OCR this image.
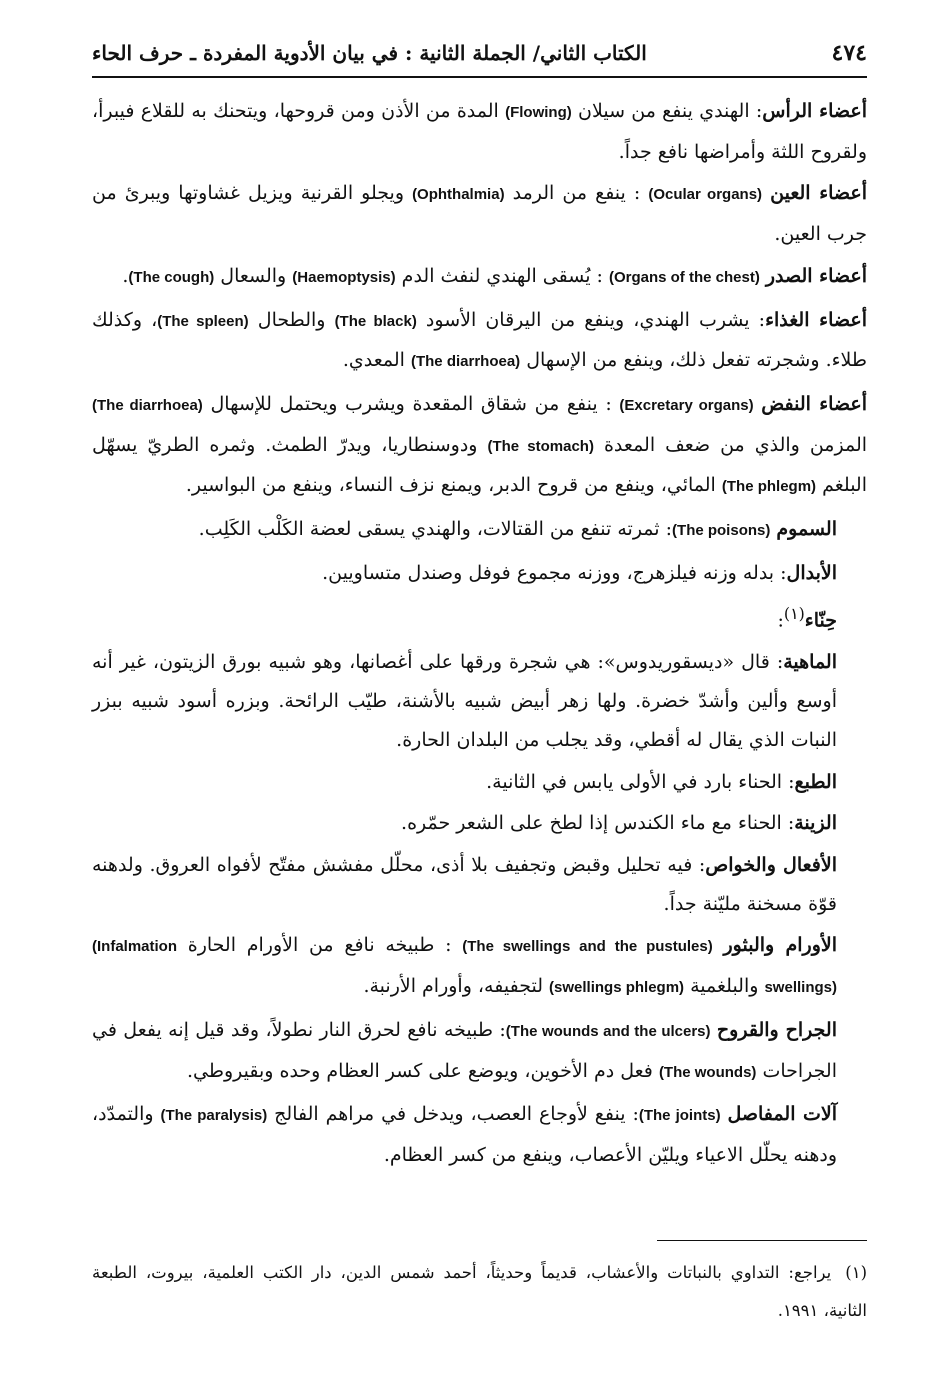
٤٧٤
الكتاب الثاني/ الجملة الثانية : في بيان الأدوية المفردة ـ حرف الحاء

أعضاء الرأس: الهندي ينفع من سيلان (Flowing) المدة من الأذن ومن قروحها، ويتحنك به للقلاع فيبرأ، ولقروح اللثة وأمراضها نافع جداً.

أعضاء العين (Ocular organs) : ينفع من الرمد (Ophthalmia) ويجلو القرنية ويزيل غشاوتها ويبرئ من جرب العين.

أعضاء الصدر (Organs of the chest) : يُسقى الهندي لنفث الدم (Haemoptysis) والسعال (The cough).

أعضاء الغذاء: يشرب الهندي، وينفع من اليرقان الأسود (The black) والطحال (The spleen)، وكذلك طلاء. وشجرته تفعل ذلك، وينفع من الإسهال (The diarrhoea) المعدي.

أعضاء النفض (Excretary organs) : ينفع من شقاق المقعدة ويشرب ويحتمل للإسهال (The diarrhoea) المزمن والذي من ضعف المعدة (The stomach) ودوسنطاريا، ويدرّ الطمث. وثمره الطريّ يسهّل البلغم (The phlegm) المائي، وينفع من قروح الدبر، ويمنع نزف النساء، وينفع من البواسير.

السموم (The poisons): ثمرته تنفع من القتالات، والهندي يسقى لعضة الكَلْب الكَلِب.

الأبدال: بدله وزنه فيلزهرج، ووزنه مجموع فوفل وصندل متساويين.

حِنّاء$^{(١)}$:

الماهية: قال «ديسقوريدوس»: هي شجرة ورقها على أغصانها، وهو شبيه بورق الزيتون، غير أنه أوسع وألين وأشدّ خضرة. ولها زهر أبيض شبيه بالأشنة، طيّب الرائحة. وبزره أسود شبيه ببزر النبات الذي يقال له أقطي، وقد يجلب من البلدان الحارة.

الطبع: الحناء بارد في الأولى يابس في الثانية.

الزينة: الحناء مع ماء الكندس إذا لطخ على الشعر حمّره.

الأفعال والخواص: فيه تحليل وقبض وتجفيف بلا أذى، محلّل مفشش مفتّح لأفواه العروق. ولدهنه قوّة مسخنة مليّنة جداً.

الأورام والبثور (The swellings and the pustules) : طبيخه نافع من الأورام الحارة (Infalmation swellings) والبلغمية (swellings phlegm) لتجفيفه، وأورام الأرنبة.

الجراح والقروح (The wounds and the ulcers): طبيخه نافع لحرق النار نطولاً، وقد قيل إنه يفعل في الجراحات (The wounds) فعل دم الأخوين، ويوضع على كسر العظام وحده وبقيروطي.

آلات المفاصل (The joints): ينفع لأوجاع العصب، ويدخل في مراهم الفالج (The paralysis) والتمدّد، ودهنه يحلّل الاعياء ويليّن الأعصاب، وينفع من كسر العظام.

(١)يراجع: التداوي بالنباتات والأعشاب، قديماً وحديثاً، أحمد شمس الدين، دار الكتب العلمية، بيروت، الطبعة الثانية، ١٩٩١.
